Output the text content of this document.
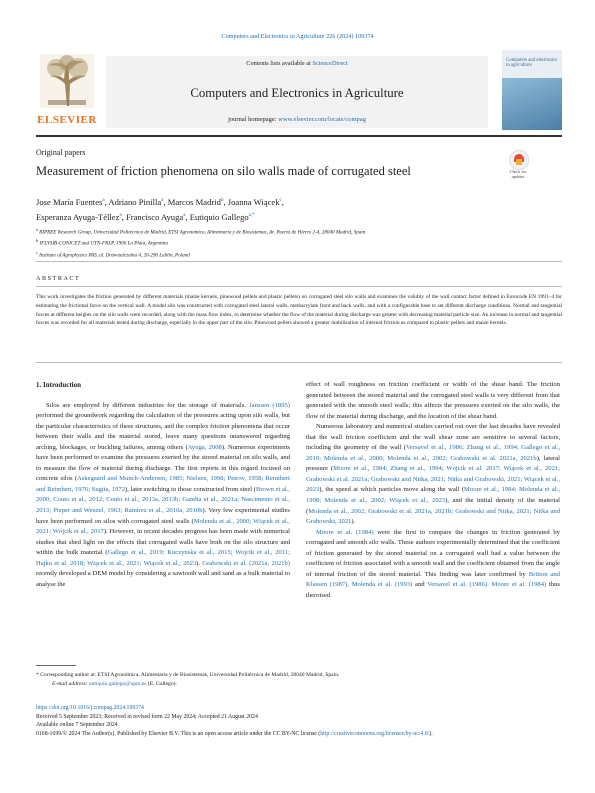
Computers and Electronics in Agriculture 226 (2024) 109374
ELSEVIER
Contents lists available at ScienceDirect
Computers and Electronics in Agriculture
journal homepage: www.elsevier.com/locate/compag
Computers and electronics in agriculture
Original papers
Measurement of friction phenomena on silo walls made of corrugated steel	Check for updates
Jose María Fuentes$^a$, Adriano Pinilla$^a$, Marcos Madrid$^b$, Joanna Wiącek$^c$,
Esperanza Ayuga-Téllez$^a$, Francisco Ayuga$^a$, Eutiquio Gallego$^{a,*}$
$^a$ BIPREE Research Group, Universidad Politécnica de Madrid, ETSI Agronómica, Alimentaria y de Biosistemas, Av. Puerta de Hierro 2-4, 28040 Madrid, Spain
$^b$ IFLYSIB-CONICET and UTN-FRLP, 1900 La Plata, Argentina
$^c$ Institute of Agrophysics PAS, ul. Doświadczalna 4, 20-290 Lublin, Poland
ABSTRACT
This work investigates the friction generated by different materials (maize kernels, pinewood pellets and plastic pellets) on corrugated steel silo walls and examines the validity of the wall contact factor defined in Eurocode EN 1991–4 for estimating the frictional force on the vertical wall. A model silo was constructed with corrugated steel lateral walls, methacrylate front and back walls, and with a configurable base to set different discharge conditions. Normal and tangential forces at different heights on the silo walls were recorded, along with the mass flow index, to determine whether the flow of the material during discharge was greater with decreasing material particle size. An increase in normal and tangential forces was recorded for all materials tested during discharge, especially in the upper part of the silo. Pinewood pellets showed a greater mobilisation of internal friction as compared to plastic pellets and maize kernels.
1. Introduction

Silos are employed by different industries for the storage of materials. Janssen (1895) performed the groundwork regarding the calculation of the pressures acting upon silo walls, but the particular characteristics of these structures, and the complex friction phenomena that occur between their walls and the material stored, leave many questions unanswered regarding arching, blockages, or buckling failures, among others (Ayuga, 2008). Numerous experiments have been performed to examine the pressures exerted by the stored material on silo walls, and to measure the flow of material during discharge. The first reports in this regard focused on concrete silos (Askegaard and Munch-Andersen, 1985; Nielsen, 1998; Petrov, 1958; Reimbert and Reimbert, 1976; Sugita, 1972), later switching to those constructed from steel (Brown et al., 2000; Couto et al., 2012; Couto et al., 2013a, 2013b; Gandia et al., 2021a; Nascimento et al., 2013; Pieper and Wenzel, 1963; Ramírez et al., 2010a, 2010b). Very few experimental studies have been performed on silos with corrugated steel walls (Molenda et al., 2000; Wiącek et al., 2021; Wójcik et al., 2017). However, in recent decades progress has been made with numerical studies that shed light on the effects that corrugated walls have both on the silo structure and within the bulk material (Gallego et al., 2019; Kuczynska et al., 2015; Wojcik et al., 2011; Hajko et al. 2018; Wiącek et al., 2021; Wiącek et al., 2023). Grabowski et al. (2021a, 2021b) recently developed a DEM model by considering a sawtooth wall and sand as a bulk material to analyse the

effect of wall roughness on friction coefficient or width of the shear band. The friction generated between the stored material and the corrugated steel walls is very different from that generated with the smooth steel walls; this affects the pressures exerted on the silo walls, the flow of the material during discharge, and the location of the shear band.

Numerous laboratory and numerical studies carried out over the last decades have revealed that the wall friction coefficient and the wall shear zone are sensitive to several factors, including the geometry of the wall (Versavel et al., 1986; Zhang et al., 1994; Gallego et al., 2019; Molenda et al., 2000; Molenda et al., 2002; Grabowski et al. 2021a, 2021b), lateral pressure (Moore et al., 1984; Zhang et al., 1994; Wójcik et al. 2017; Wiącek et al., 2021; Grabowski et al. 2021a; Grabowski and Nitka, 2021; Nitka and Grabowski, 2021; Wiącek et al., 2023), the speed at which particles move along the wall (Moore et al., 1984; Molenda et al., 1998; Molenda et al., 2002; Wiącek et al., 2023), and the initial density of the material (Molenda et al., 2002; Grabowski et al. 2021a, 2021b; Grabowski and Nitka, 2021; Nitka and Grabowski, 2021).

Moore et al. (1984) were the first to compare the changes in friction generated by corrugated and smooth silo walls. These authors experimentally determined that the coefficient of friction generated by the stored material on a corrugated wall had a value between the coefficient of friction associated with a smooth wall and the coefficient obtained from the angle of internal friction of the stored material. This finding was later confirmed by Britton and Klassen (1987), Molenda et al. (1993) and Versavel et al. (1986). Moore et al. (1984) thus theorised

* Corresponding author at: ETSI Agronómica, Alimentaria y de Biosistemas, Universidad Politécnica de Madrid, 28040 Madrid, Spain.
E-mail address: eutiquio.gallego@upm.es (E. Gallego).
https://doi.org/10.1016/j.compag.2024.109374
Received 5 September 2023; Received in revised form 22 May 2024; Accepted 21 August 2024
Available online 7 September 2024
0168-1699/© 2024 The Author(s). Published by Elsevier B.V. This is an open access article under the CC BY-NC license (http://creativecommons.org/licenses/by-nc/4.0/).
